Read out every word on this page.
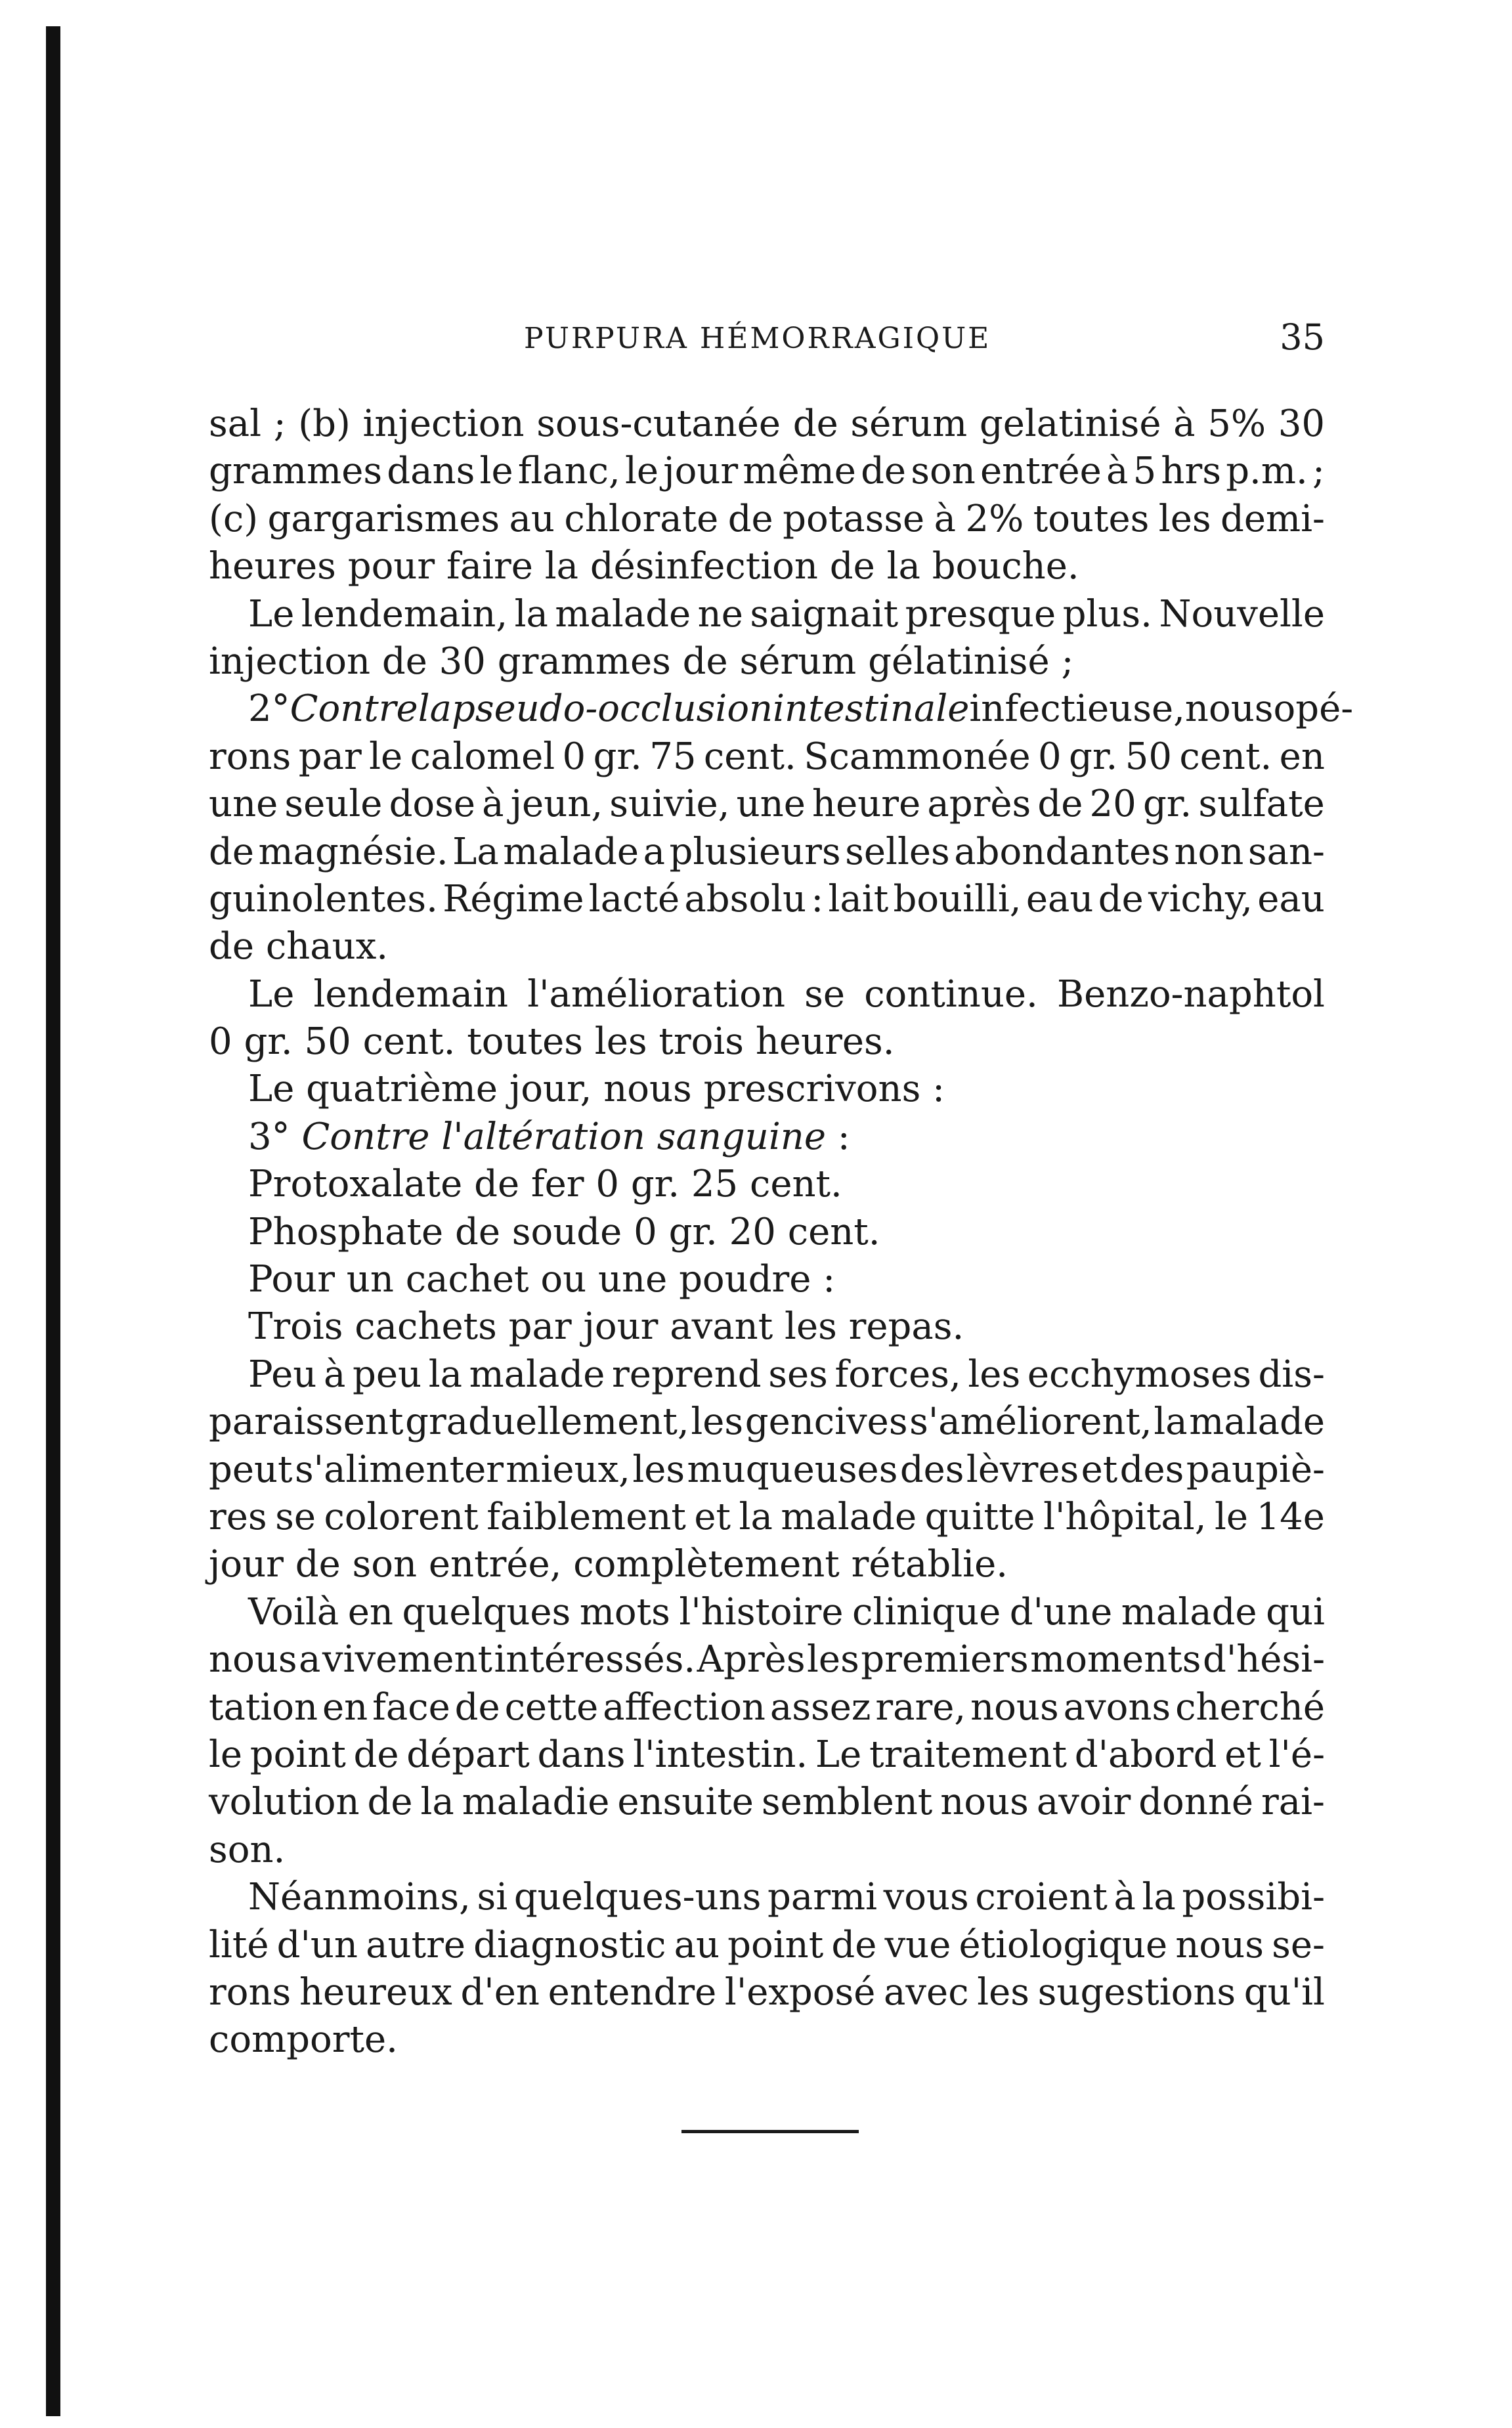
PURPURA HÉMORRAGIQUE	35
sal ; (b) injection sous-cutanée de sérum gelatinisé à 5% 30
grammes dans le flanc, le jour même de son entrée à 5 hrs p.m. ;
(c) gargarismes au chlorate de potasse à 2% toutes les demi-
heures
pour
faire
la
désinfection
de
la
bouche.
Le lendemain, la malade ne saignait presque plus. Nouvelle
injection
de
30
grammes
de
sérum
gélatinisé
;
2° Contre la pseudo-occlusion intestinale infectieuse, nous opé-
rons par le calomel 0 gr. 75 cent. Scammonée 0 gr. 50 cent. en
une seule dose à jeun, suivie, une heure après de 20 gr. sulfate
de magnésie. La malade a plusieurs selles abondantes non san-
guinolentes. Régime lacté absolu : lait bouilli, eau de vichy, eau
de
chaux.
Le lendemain l'amélioration se continue. Benzo-naphtol
0
gr.
50
cent.
toutes
les
trois
heures.
Le
quatrième
jour,
nous
prescrivons
:
3°
Contre
l'altération
sanguine
:
Protoxalate
de
fer
0
gr.
25
cent.
Phosphate
de
soude
0
gr.
20
cent.
Pour
un
cachet
ou
une
poudre
:
Trois
cachets
par
jour
avant
les
repas.
Peu à peu la malade reprend ses forces, les ecchymoses dis-
paraissent graduellement, les gencives s'améliorent, la malade
peut s'alimenter mieux, les muqueuses des lèvres et des paupiè-
res se colorent faiblement et la malade quitte l'hôpital, le 14e
jour
de
son
entrée,
complètement
rétablie.
Voilà en quelques mots l'histoire clinique d'une malade qui
nous a vivement intéressés. Après les premiers moments d'hési-
tation en face de cette affection assez rare, nous avons cherché
le point de départ dans l'intestin. Le traitement d'abord et l'é-
volution de la maladie ensuite semblent nous avoir donné rai-
son.
Néanmoins, si quelques-uns parmi vous croient à la possibi-
lité d'un autre diagnostic au point de vue étiologique nous se-
rons heureux d'en entendre l'exposé avec les sugestions qu'il
comporte.
